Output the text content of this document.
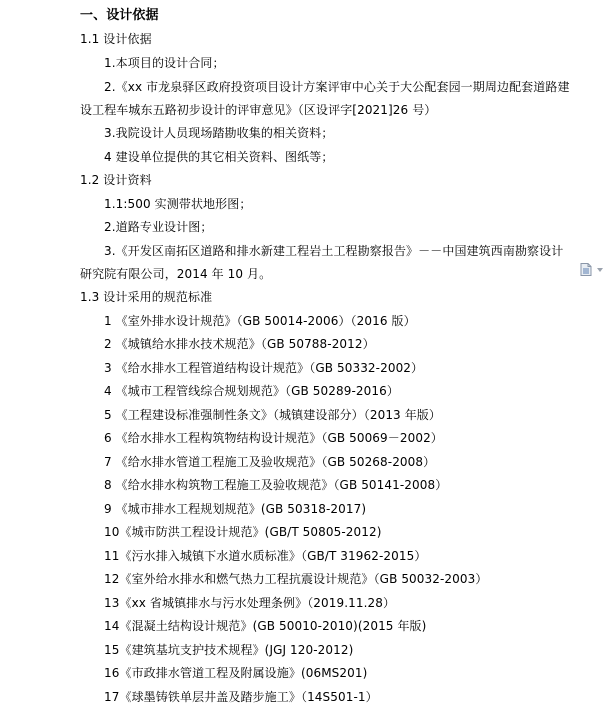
一、设计依据
1.1 设计依据
1.本项目的设计合同；
2.《xx 市龙泉驿区政府投资项目设计方案评审中心关于大公配套园一期周边配套道路建
设工程车城东五路初步设计的评审意见》（区设评字[2021]26 号）
3.我院设计人员现场踏勘收集的相关资料；
4 建设单位提供的其它相关资料、图纸等；
1.2 设计资料
1.1:500 实测带状地形图；
2.道路专业设计图；
3.《开发区南拓区道路和排水新建工程岩土工程勘察报告》－－中国建筑西南勘察设计
研究院有限公司，2014 年 10 月。
1.3 设计采用的规范标准
1 《室外排水设计规范》（GB 50014-2006）（2016 版）
2 《城镇给水排水技术规范》（GB 50788-2012）
3 《给水排水工程管道结构设计规范》（GB 50332-2002）
4 《城市工程管线综合规划规范》（GB 50289-2016）
5 《工程建设标准强制性条文》（城镇建设部分）（2013 年版）
6 《给水排水工程构筑物结构设计规范》（GB 50069－2002）
7 《给水排水管道工程施工及验收规范》（GB 50268-2008）
8 《给水排水构筑物工程施工及验收规范》（GB 50141-2008）
9 《城市排水工程规划规范》(GB 50318-2017)
10《城市防洪工程设计规范》(GB/T 50805-2012)
11《污水排入城镇下水道水质标准》（GB/T 31962-2015）
12《室外给水排水和燃气热力工程抗震设计规范》（GB 50032-2003）
13《xx 省城镇排水与污水处理条例》（2019.11.28）
14《混凝土结构设计规范》(GB 50010-2010)(2015 年版)
15《建筑基坑支护技术规程》(JGJ 120-2012)
16《市政排水管道工程及附属设施》(06MS201)
17《球墨铸铁单层井盖及踏步施工》（14S501-1）
